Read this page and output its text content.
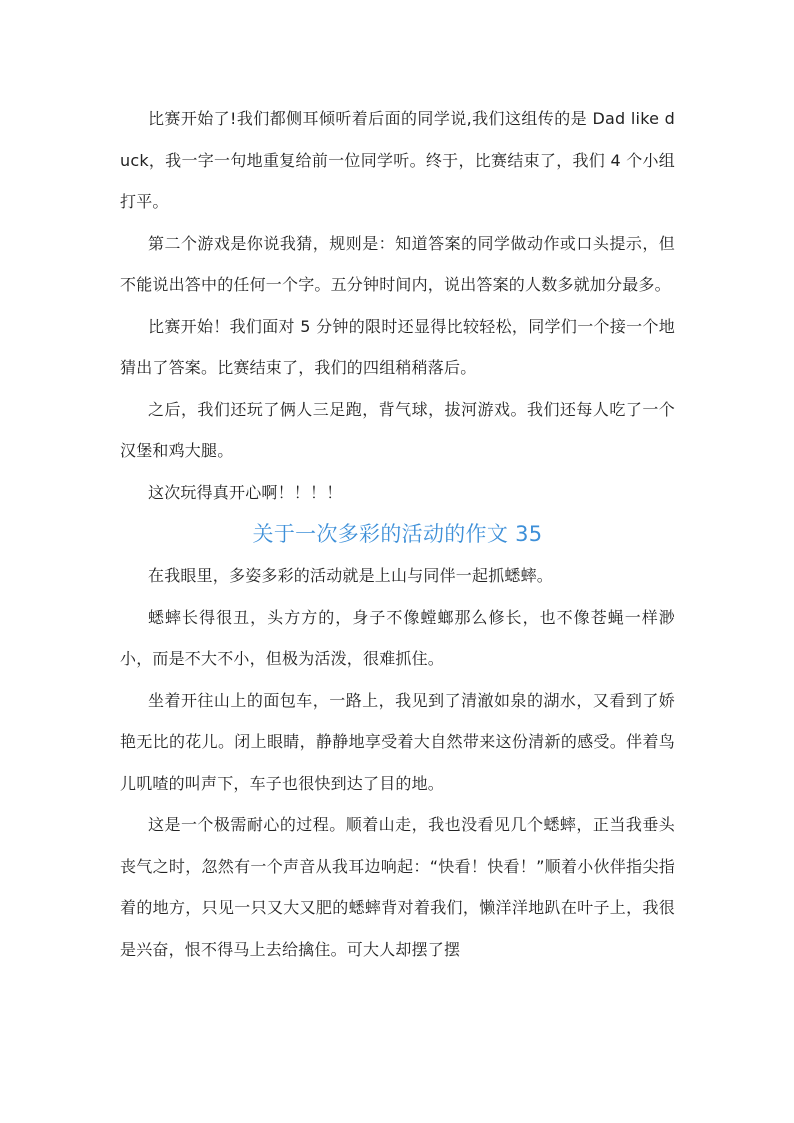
比赛开始了!我们都侧耳倾听着后面的同学说,我们这组传的是 Dad like duck，我一字一句地重复给前一位同学听。终于，比赛结束了，我们 4 个小组打平。

第二个游戏是你说我猜，规则是：知道答案的同学做动作或口头提示，但不能说出答中的任何一个字。五分钟时间内，说出答案的人数多就加分最多。

比赛开始！我们面对 5 分钟的限时还显得比较轻松，同学们一个接一个地猜出了答案。比赛结束了，我们的四组稍稍落后。

之后，我们还玩了俩人三足跑，背气球，拔河游戏。我们还每人吃了一个汉堡和鸡大腿。

这次玩得真开心啊！！！！

关于一次多彩的活动的作文 35

在我眼里，多姿多彩的活动就是上山与同伴一起抓蟋蟀。

蟋蟀长得很丑，头方方的，身子不像螳螂那么修长，也不像苍蝇一样渺小，而是不大不小，但极为活泼，很难抓住。

坐着开往山上的面包车，一路上，我见到了清澈如泉的湖水，又看到了娇艳无比的花儿。闭上眼睛，静静地享受着大自然带来这份清新的感受。伴着鸟儿叽喳的叫声下，车子也很快到达了目的地。

这是一个极需耐心的过程。顺着山走，我也没看见几个蟋蟀，正当我垂头丧气之时，忽然有一个声音从我耳边响起：“快看！快看！”顺着小伙伴指尖指着的地方，只见一只又大又肥的蟋蟀背对着我们，懒洋洋地趴在叶子上，我很是兴奋，恨不得马上去给擒住。可大人却摆了摆
